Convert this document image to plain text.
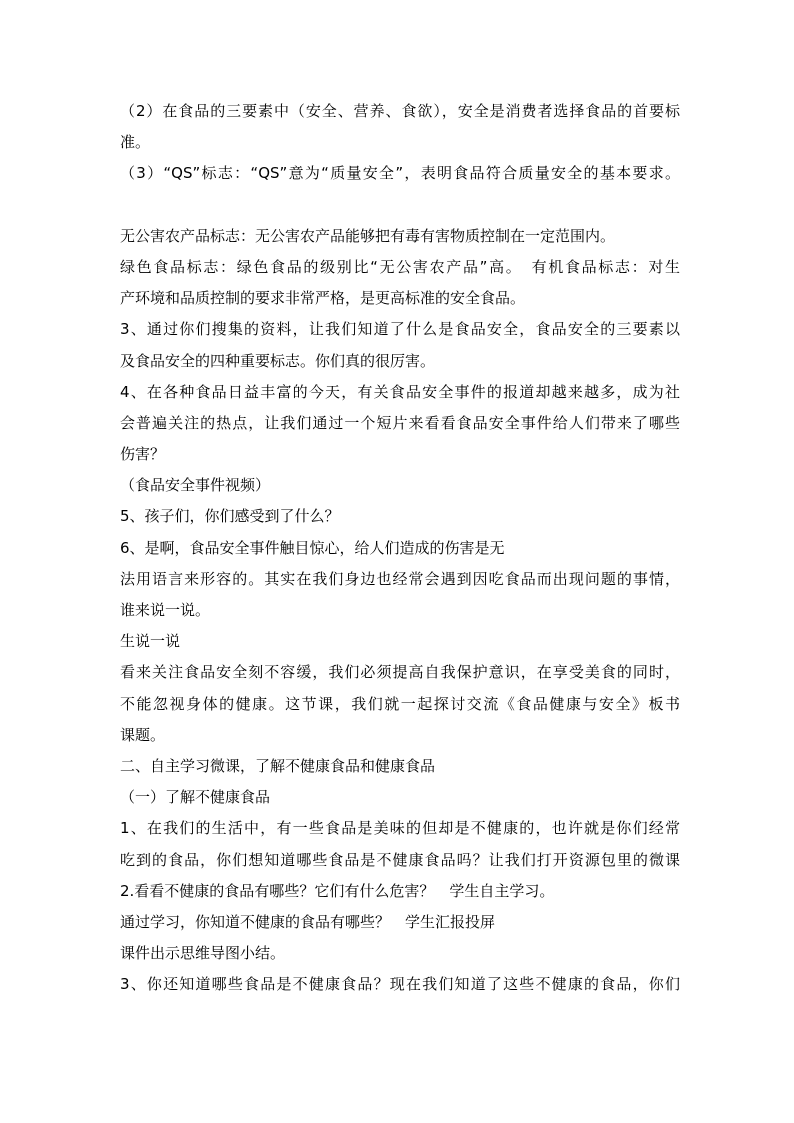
（2）在食品的三要素中（安全、营养、食欲），安全是消费者选择食品的首要标
准。
（3）“QS”标志：“QS”意为“质量安全”，表明食品符合质量安全的基本要求。
无公害农产品标志：无公害农产品能够把有毒有害物质控制在一定范围内。
绿色食品标志：绿色食品的级别比“无公害农产品”高。　有机食品标志：对生
产环境和品质控制的要求非常严格，是更高标准的安全食品。
3、通过你们搜集的资料，让我们知道了什么是食品安全，食品安全的三要素以
及食品安全的四种重要标志。你们真的很厉害。
4、在各种食品日益丰富的今天，有关食品安全事件的报道却越来越多，成为社
会普遍关注的热点，让我们通过一个短片来看看食品安全事件给人们带来了哪些
伤害？
（食品安全事件视频）
5、孩子们，你们感受到了什么？
6、是啊，食品安全事件触目惊心，给人们造成的伤害是无
法用语言来形容的。其实在我们身边也经常会遇到因吃食品而出现问题的事情，
谁来说一说。
生说一说
看来关注食品安全刻不容缓，我们必须提高自我保护意识，在享受美食的同时，
不能忽视身体的健康。这节课，我们就一起探讨交流《食品健康与安全》板书
课题。
二、自主学习微课，了解不健康食品和健康食品
（一）了解不健康食品
1、在我们的生活中，有一些食品是美味的但却是不健康的，也许就是你们经常
吃到的食品，你们想知道哪些食品是不健康食品吗？让我们打开资源包里的微课
2.看看不健康的食品有哪些？它们有什么危害？　学生自主学习。
通过学习，你知道不健康的食品有哪些？　学生汇报投屏
课件出示思维导图小结。
3、你还知道哪些食品是不健康食品？现在我们知道了这些不健康的食品，你们
